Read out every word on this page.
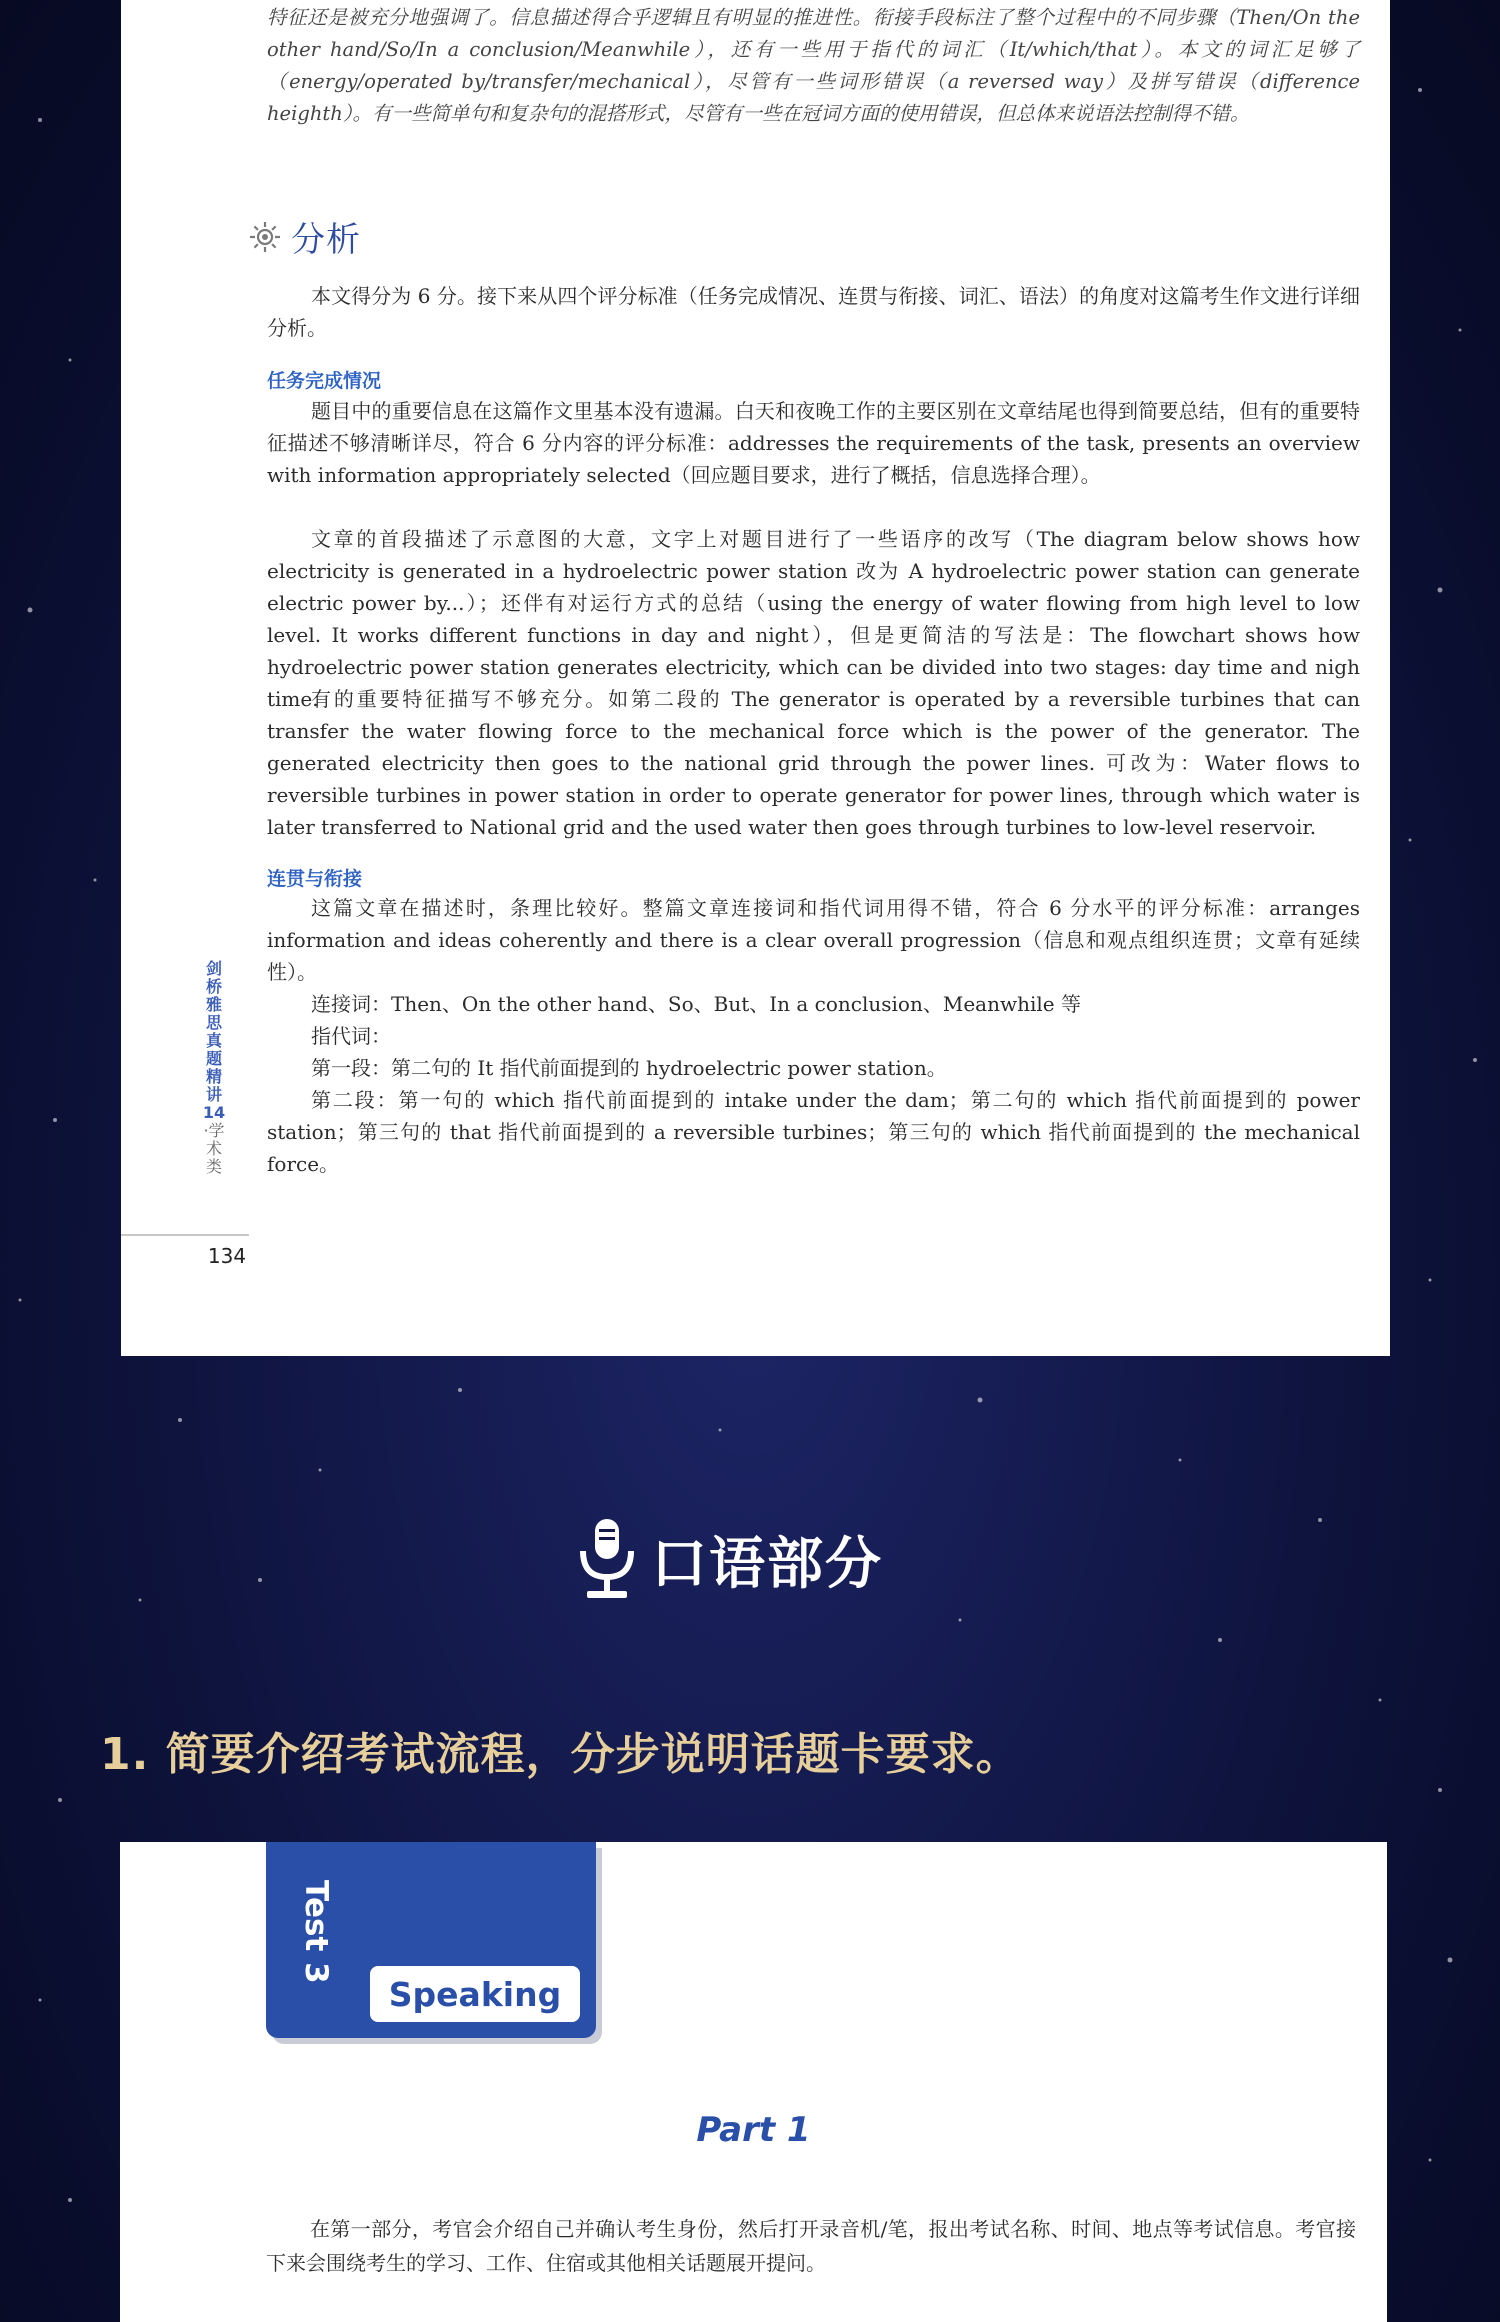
特征还是被充分地强调了。信息描述得合乎逻辑且有明显的推进性。衔接手段标注了整个过程中的不同步骤（Then/On the other hand/So/In a conclusion/Meanwhile），还有一些用于指代的词汇（It/which/that）。本文的词汇足够了（energy/operated by/transfer/mechanical），尽管有一些词形错误（a reversed way）及拼写错误（difference heighth）。有一些简单句和复杂句的混搭形式，尽管有一些在冠词方面的使用错误，但总体来说语法控制得不错。
分析
本文得分为 6 分。接下来从四个评分标准（任务完成情况、连贯与衔接、词汇、语法）的角度对这篇考生作文进行详细分析。
任务完成情况
题目中的重要信息在这篇作文里基本没有遗漏。白天和夜晚工作的主要区别在文章结尾也得到简要总结，但有的重要特征描述不够清晰详尽，符合 6 分内容的评分标准：addresses the requirements of the task, presents an overview with information appropriately selected（回应题目要求，进行了概括，信息选择合理）。
文章的首段描述了示意图的大意，文字上对题目进行了一些语序的改写（The diagram below shows how electricity is generated in a hydroelectric power station 改为 A hydroelectric power station can generate electric power by...）；还伴有对运行方式的总结（using the energy of water flowing from high level to low level. It works different functions in day and night），但是更简洁的写法是：The flowchart shows how hydroelectric power station generates electricity, which can be divided into two stages: day time and nigh time.
有的重要特征描写不够充分。如第二段的 The generator is operated by a reversible turbines that can transfer the water flowing force to the mechanical force which is the power of the generator. The generated electricity then goes to the national grid through the power lines. 可改为：Water flows to reversible turbines in power station in order to operate generator for power lines, through which water is later transferred to National grid and the used water then goes through turbines to low-level reservoir.
连贯与衔接
这篇文章在描述时，条理比较好。整篇文章连接词和指代词用得不错，符合 6 分水平的评分标准：arranges information and ideas coherently and there is a clear overall progression（信息和观点组织连贯；文章有延续性）。
连接词：Then、On the other hand、So、But、In a conclusion、Meanwhile 等
指代词：
第一段：第二句的 It 指代前面提到的 hydroelectric power station。
第二段：第一句的 which 指代前面提到的 intake under the dam；第二句的 which 指代前面提到的 power station；第三句的 that 指代前面提到的 a reversible turbines；第三句的 which 指代前面提到的 the mechanical force。
剑桥雅思真题精讲14·学术类
134
口语部分
1. 简要介绍考试流程，分步说明话题卡要求。
Test 3
Speaking
Part 1
在第一部分，考官会介绍自己并确认考生身份，然后打开录音机/笔，报出考试名称、时间、地点等考试信息。考官接下来会围绕考生的学习、工作、住宿或其他相关话题展开提问。
